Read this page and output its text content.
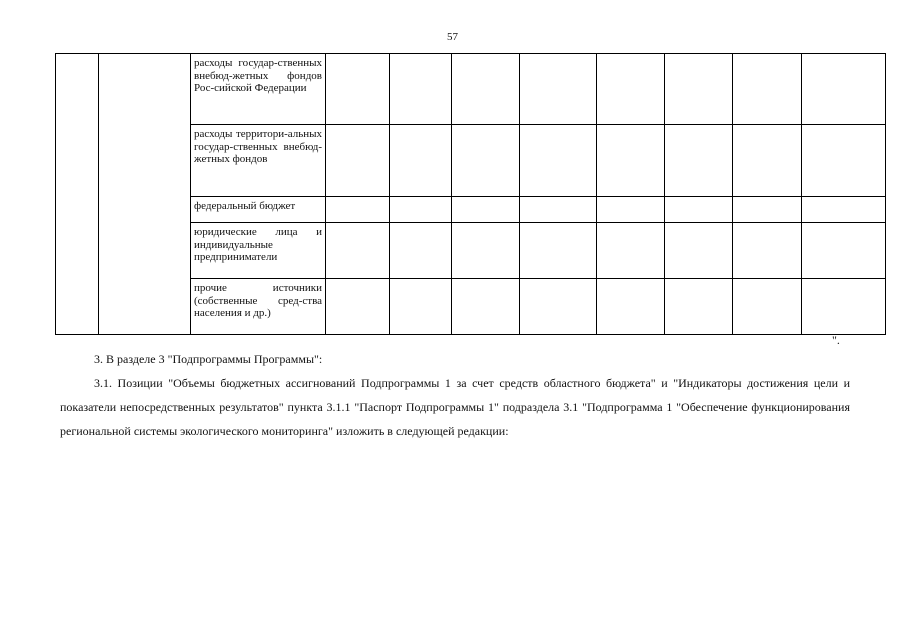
57
		расходы государ-ственных внебюд-жетных фондов Рос-сийской Федерации								
		расходы территори-альных государ-ственных внебюд-жетных фондов								
		федеральный бюджет								
		юридические лица и индивидуальные предприниматели								
		прочие источники (собственные сред-ства населения и др.)								
".
3. В разделе 3 "Подпрограммы Программы":
3.1. Позиции "Объемы бюджетных ассигнований Подпрограммы 1 за счет средств областного бюджета" и "Индикаторы достижения цели и показатели непосредственных результатов" пункта 3.1.1 "Паспорт Подпрограммы 1" подраздела 3.1 "Подпрограмма 1 "Обеспечение функционирования региональной системы экологического мониторинга" изложить в следующей редакции:
